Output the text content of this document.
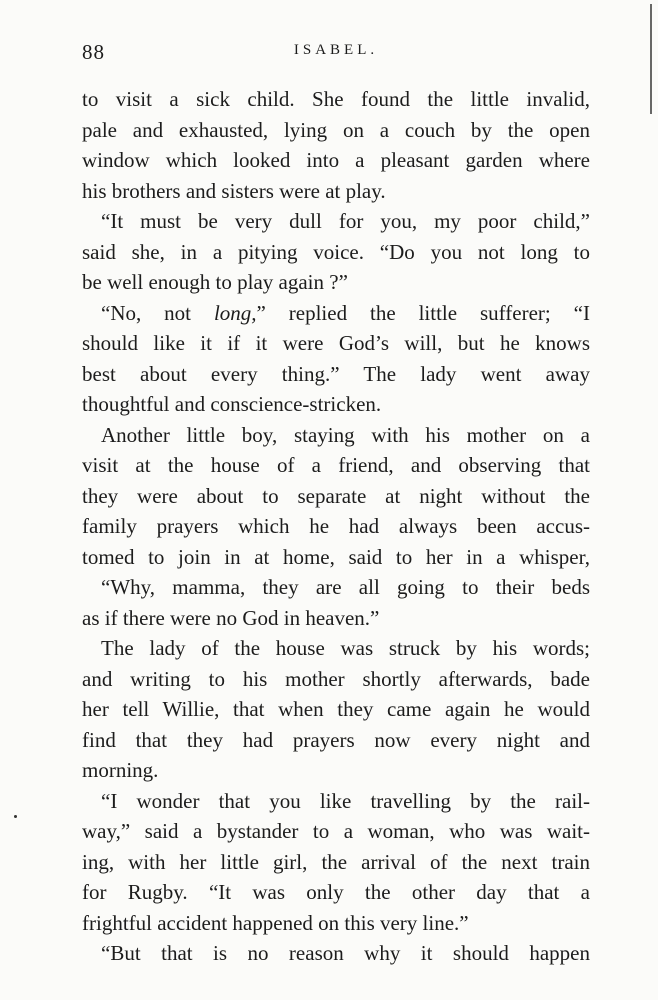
88	ISABEL.
to visit a sick child. She found the little invalid,
pale and exhausted, lying on a couch by the open
window which looked into a pleasant garden where
his brothers and sisters were at play.
“It must be very dull for you, my poor child,”
said she, in a pitying voice. “Do you not long to
be well enough to play again ?”
“No, not long,” replied the little sufferer; “I
should like it if it were God’s will, but he knows
best about every thing.” The lady went away
thoughtful and conscience-stricken.
Another little boy, staying with his mother on a
visit at the house of a friend, and observing that
they were about to separate at night without the
family prayers which he had always been accus-
tomed to join in at home, said to her in a whisper,
“Why, mamma, they are all going to their beds
as if there were no God in heaven.”
The lady of the house was struck by his words;
and writing to his mother shortly afterwards, bade
her tell Willie, that when they came again he would
find that they had prayers now every night and
morning.
“I wonder that you like travelling by the rail-
way,” said a bystander to a woman, who was wait-
ing, with her little girl, the arrival of the next train
for Rugby. “It was only the other day that a
frightful accident happened on this very line.”
“But that is no reason why it should happen
